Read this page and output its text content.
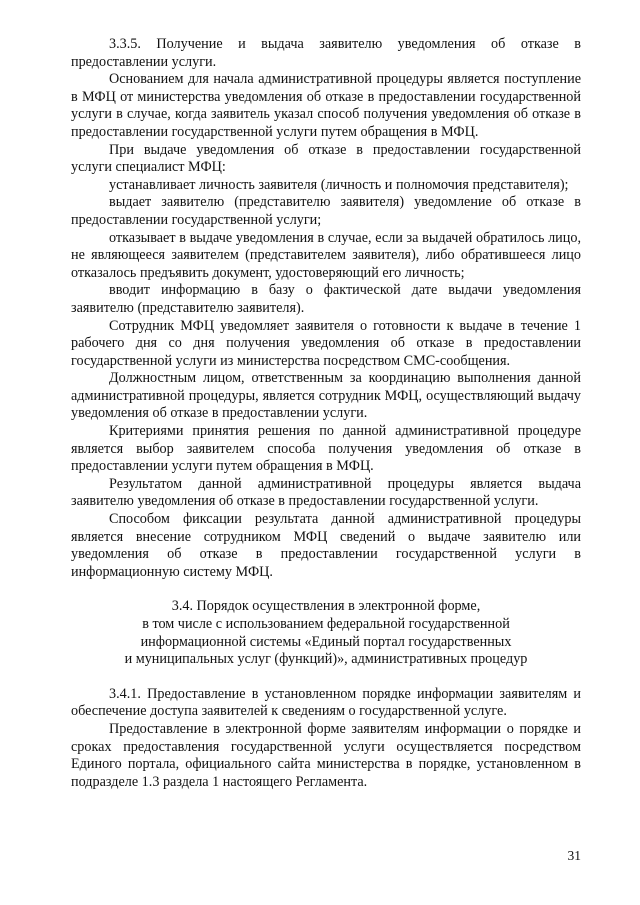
3.3.5. Получение и выдача заявителю уведомления об отказе в предоставлении услуги.

Основанием для начала административной процедуры является поступление в МФЦ от министерства уведомления об отказе в предоставлении государственной услуги в случае, когда заявитель указал способ получения уведомления об отказе в предоставлении государственной услуги путем обращения в МФЦ.

При выдаче уведомления об отказе в предоставлении государственной услуги специалист МФЦ:

устанавливает личность заявителя (личность и полномочия представителя);

выдает заявителю (представителю заявителя) уведомление об отказе в предоставлении государственной услуги;

отказывает в выдаче уведомления в случае, если за выдачей обратилось лицо, не являющееся заявителем (представителем заявителя), либо обратившееся лицо отказалось предъявить документ, удостоверяющий его личность;

вводит информацию в базу о фактической дате выдачи уведомления заявителю (представителю заявителя).

Сотрудник МФЦ уведомляет заявителя о готовности к выдаче в течение 1 рабочего дня со дня получения уведомления об отказе в предоставлении государственной услуги из министерства посредством СМС-сообщения.

Должностным лицом, ответственным за координацию выполнения данной административной процедуры, является сотрудник МФЦ, осуществляющий выдачу уведомления об отказе в предоставлении услуги.

Критериями принятия решения по данной административной процедуре является выбор заявителем способа получения уведомления об отказе в предоставлении услуги путем обращения в МФЦ.

Результатом данной административной процедуры является выдача заявителю уведомления об отказе в предоставлении государственной услуги.

Способом фиксации результата данной административной процедуры является внесение сотрудником МФЦ сведений о выдаче заявителю или уведомления об отказе в предоставлении государственной услуги в информационную систему МФЦ.

3.4. Порядок осуществления в электронной форме,

в том числе с использованием федеральной государственной

информационной системы «Единый портал государственных

и муниципальных услуг (функций)», административных процедур

3.4.1. Предоставление в установленном порядке информации заявителям и обеспечение доступа заявителей к сведениям о государственной услуге.

Предоставление в электронной форме заявителям информации о порядке и сроках предоставления государственной услуги осуществляется посредством Единого портала, официального сайта министерства в порядке, установленном в подразделе 1.3 раздела 1 настоящего Регламента.

31
